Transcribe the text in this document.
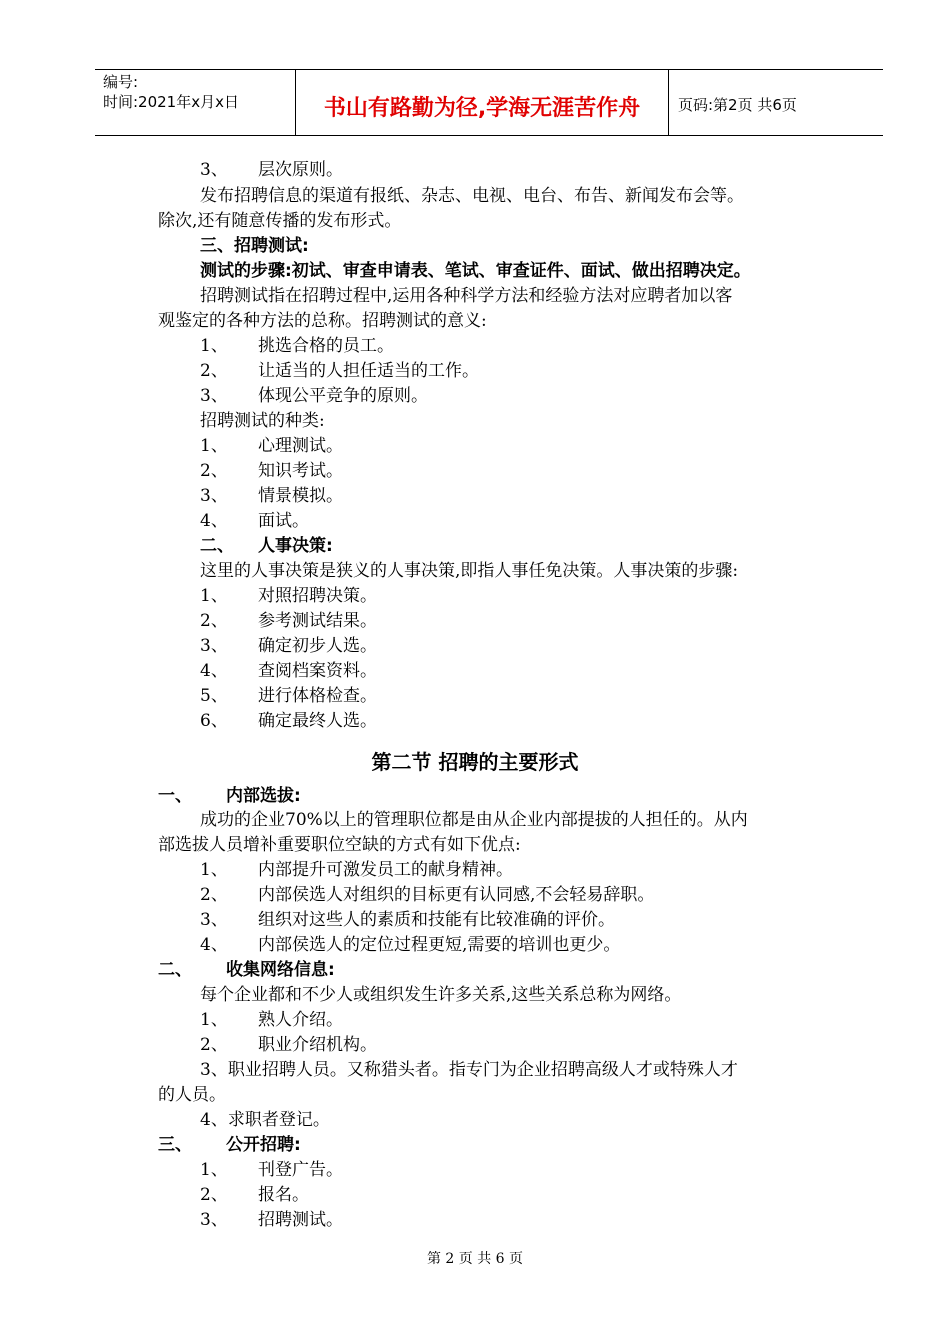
编号:
时间:2021年x月x日	书山有路勤为径,学海无涯苦作舟	页码:第2页 共6页
3、 层次原则。
发布招聘信息的渠道有报纸、杂志、电视、电台、布告、新闻发布会等。
除次,还有随意传播的发布形式。
三、招聘测试:
测试的步骤:初试、审查申请表、笔试、审查证件、面试、做出招聘决定。
招聘测试指在招聘过程中,运用各种科学方法和经验方法对应聘者加以客
观鉴定的各种方法的总称。招聘测试的意义:
1、 挑选合格的员工。
2、 让适当的人担任适当的工作。
3、 体现公平竞争的原则。
招聘测试的种类:
1、 心理测试。
2、 知识考试。
3、 情景模拟。
4、 面试。
二、 人事决策:
这里的人事决策是狭义的人事决策,即指人事任免决策。人事决策的步骤:
1、 对照招聘决策。
2、 参考测试结果。
3、 确定初步人选。
4、 查阅档案资料。
5、 进行体格检查。
6、 确定最终人选。
第二节 招聘的主要形式
一、 内部选拔:
成功的企业70%以上的管理职位都是由从企业内部提拔的人担任的。从内
部选拔人员增补重要职位空缺的方式有如下优点:
1、 内部提升可激发员工的献身精神。
2、 内部侯选人对组织的目标更有认同感,不会轻易辞职。
3、 组织对这些人的素质和技能有比较准确的评价。
4、 内部侯选人的定位过程更短,需要的培训也更少。
二、 收集网络信息:
每个企业都和不少人或组织发生许多关系,这些关系总称为网络。
1、 熟人介绍。
2、 职业介绍机构。
3、职业招聘人员。又称猎头者。指专门为企业招聘高级人才或特殊人才
的人员。
4、求职者登记。
三、 公开招聘:
1、 刊登广告。
2、 报名。
3、 招聘测试。
第 2 页 共 6 页
